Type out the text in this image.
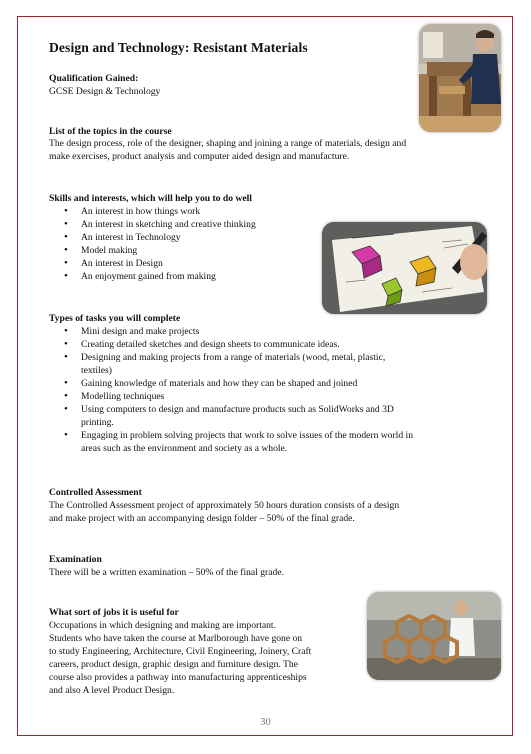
Design and Technology: Resistant Materials
Qualification Gained:
GCSE Design & Technology
List of the topics in the course
The design process, role of the designer, shaping and joining a range of materials, design and
make exercises, product analysis and computer aided design and manufacture.
Skills and interests, which will help you to do well
• An interest in how things work
• An interest in sketching and creative thinking
• An interest in Technology
• Model making
• An interest in Design
• An enjoyment gained from making
Types of tasks you will complete
• Mini design and make projects
• Creating detailed sketches and design sheets to communicate ideas.
• Designing and making projects from a range of materials (wood, metal, plastic,
textiles)
• Gaining knowledge of materials and how they can be shaped and joined
• Modelling techniques
• Using computers to design and manufacture products such as SolidWorks and 3D
printing.
• Engaging in problem solving projects that work to solve issues of the modern world in
areas such as the environment and society as a whole.
Controlled Assessment
The Controlled Assessment project of approximately 50 hours duration consists of a design
and make project with an accompanying design folder – 50% of the final grade.
Examination
There will be a written examination – 50% of the final grade.
What sort of jobs it is useful for
Occupations in which designing and making are important.
Students who have taken the course at Marlborough have gone on
to study Engineering, Architecture, Civil Engineering, Joinery, Craft
careers, product design, graphic design and furniture design. The
course also provides a pathway into manufacturing apprenticeships
and also A level Product Design.
30
